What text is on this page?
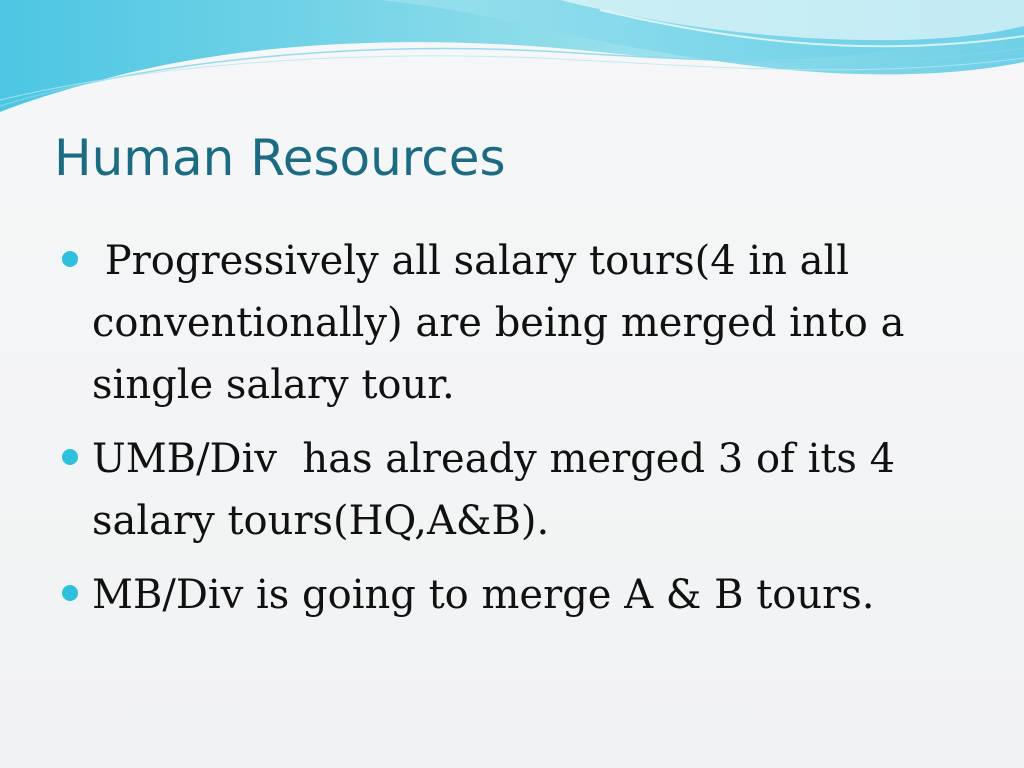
Human Resources
Progressively all salary tours(4 in all conventionally) are being merged into a single salary tour.
UMB/Div  has already merged 3 of its 4 salary tours(HQ,A&B).
MB/Div is going to merge A & B tours.
